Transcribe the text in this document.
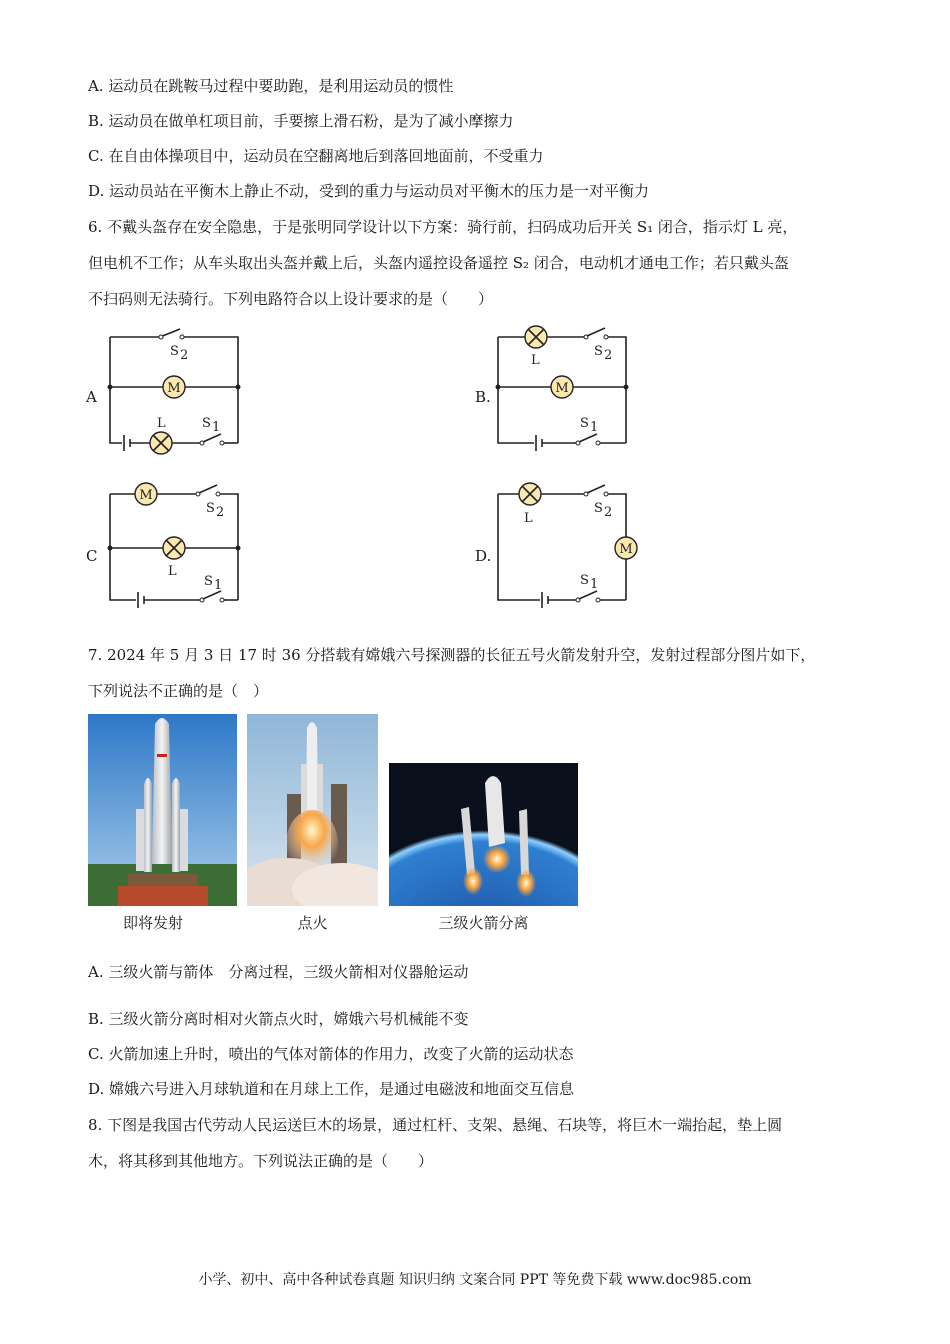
A. 运动员在跳鞍马过程中要助跑，是利用运动员的惯性
B. 运动员在做单杠项目前，手要擦上滑石粉，是为了减小摩擦力
C. 在自由体操项目中，运动员在空翻离地后到落回地面前，不受重力
D. 运动员站在平衡木上静止不动，受到的重力与运动员对平衡木的压力是一对平衡力
6. 不戴头盔存在安全隐患，于是张明同学设计以下方案：骑行前，扫码成功后开关 S₁ 闭合，指示灯 L 亮，
但电机不工作；从车头取出头盔并戴上后，头盔内遥控设备遥控 S₂ 闭合，电动机才通电工作；若只戴头盔
不扫码则无法骑行。下列电路符合以上设计要求的是（　　）
A	M
S 2
L	S 1
B.	M
L
S 2
S 1
C
M
L
S 2
S 1
D.	M
L
S 2
S 1
7. 2024 年 5 月 3 日 17 时 36 分搭载有嫦娥六号探测器的长征五号火箭发射升空，发射过程部分图片如下，
下列说法不正确的是（　）
即将发射	点火	三级火箭分离
A. 三级火箭与箭体　分离过程，三级火箭相对仪器舱运动
B. 三级火箭分离时相对火箭点火时，嫦娥六号机械能不变
C. 火箭加速上升时，喷出的气体对箭体的作用力，改变了火箭的运动状态
D. 嫦娥六号进入月球轨道和在月球上工作，是通过电磁波和地面交互信息
8. 下图是我国古代劳动人民运送巨木的场景，通过杠杆、支架、悬绳、石块等，将巨木一端抬起，垫上圆
木，将其移到其他地方。下列说法正确的是（　　）
小学、初中、高中各种试卷真题 知识归纳 文案合同 PPT 等免费下载 www.doc985.com
